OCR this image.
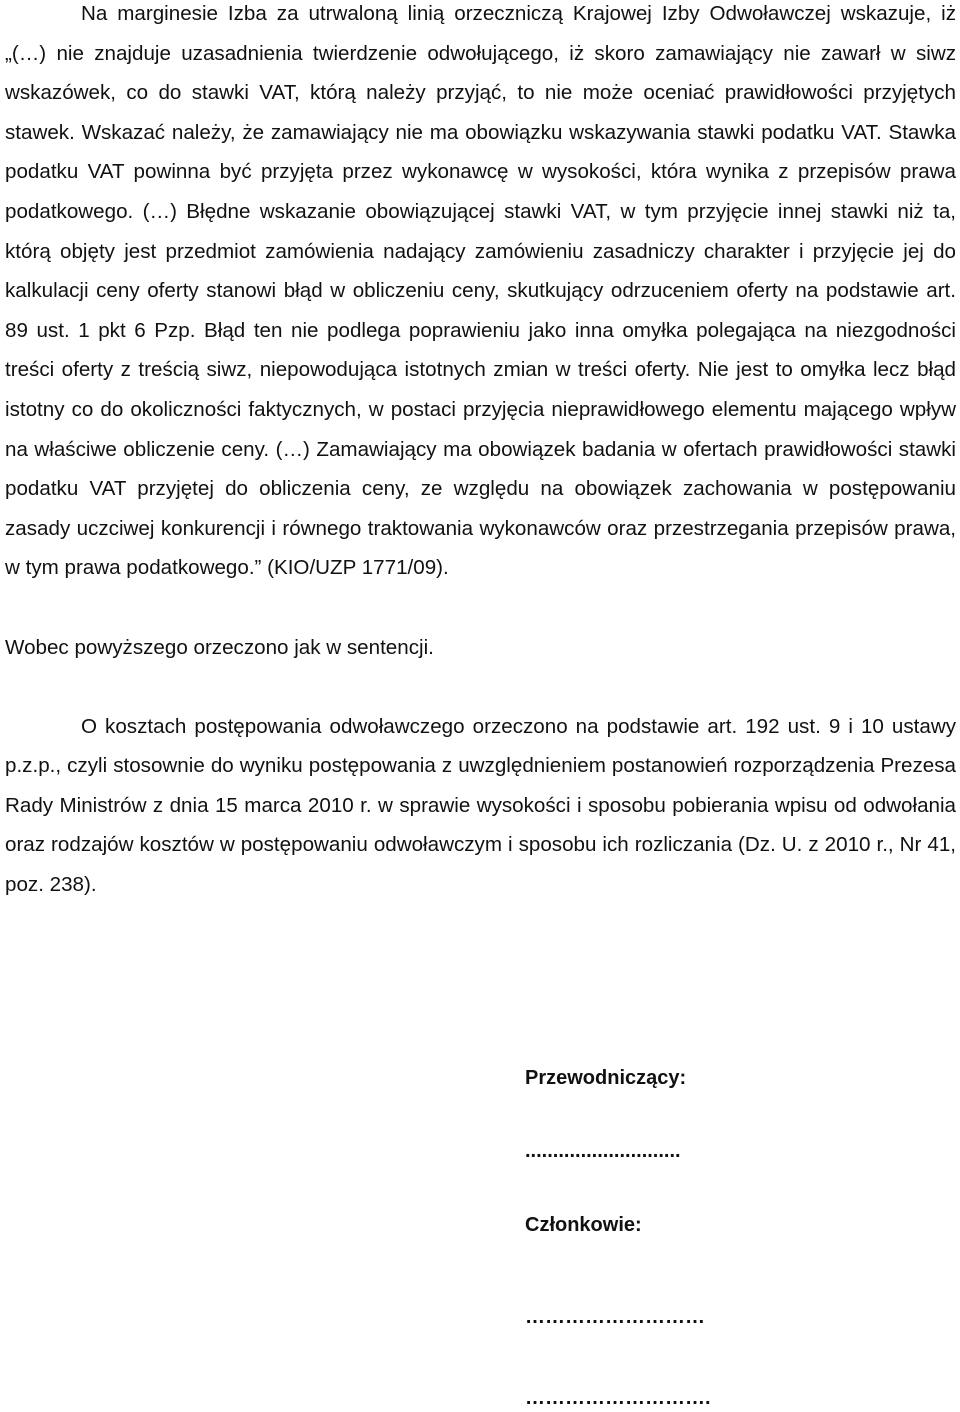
Na marginesie Izba za utrwaloną linią orzeczniczą Krajowej Izby Odwoławczej wskazuje, iż „(…) nie znajduje uzasadnienia twierdzenie odwołującego, iż skoro zamawiający nie zawarł w siwz wskazówek, co do stawki VAT, którą należy przyjąć, to nie może oceniać prawidłowości przyjętych stawek. Wskazać należy, że zamawiający nie ma obowiązku wskazywania stawki podatku VAT. Stawka podatku VAT powinna być przyjęta przez wykonawcę w wysokości, która wynika z przepisów prawa podatkowego. (…) Błędne wskazanie obowiązującej stawki VAT, w tym przyjęcie innej stawki niż ta, którą objęty jest przedmiot zamówienia nadający zamówieniu zasadniczy charakter i przyjęcie jej do kalkulacji ceny oferty stanowi błąd w obliczeniu ceny, skutkujący odrzuceniem oferty na podstawie art. 89 ust. 1 pkt 6 Pzp. Błąd ten nie podlega poprawieniu jako inna omyłka polegająca na niezgodności treści oferty z treścią siwz, niepowodująca istotnych zmian w treści oferty. Nie jest to omyłka lecz błąd istotny co do okoliczności faktycznych, w postaci przyjęcia nieprawidłowego elementu mającego wpływ na właściwe obliczenie ceny. (…) Zamawiający ma obowiązek badania w ofertach prawidłowości stawki podatku VAT przyjętej do obliczenia ceny, ze względu na obowiązek zachowania w postępowaniu zasady uczciwej konkurencji i równego traktowania wykonawców oraz przestrzegania przepisów prawa, w tym prawa podatkowego.” (KIO/UZP 1771/09).

Wobec powyższego orzeczono jak w sentencji.

O kosztach postępowania odwoławczego orzeczono na podstawie art. 192 ust. 9 i 10 ustawy p.z.p., czyli stosownie do wyniku postępowania z uwzględnieniem postanowień rozporządzenia Prezesa Rady Ministrów z dnia 15 marca 2010 r. w sprawie wysokości i sposobu pobierania wpisu od odwołania oraz rodzajów kosztów w postępowaniu odwoławczym i sposobu ich rozliczania (Dz. U. z 2010 r., Nr 41, poz. 238).

Przewodniczący:
............................
Członkowie:
………………………
……………………….
